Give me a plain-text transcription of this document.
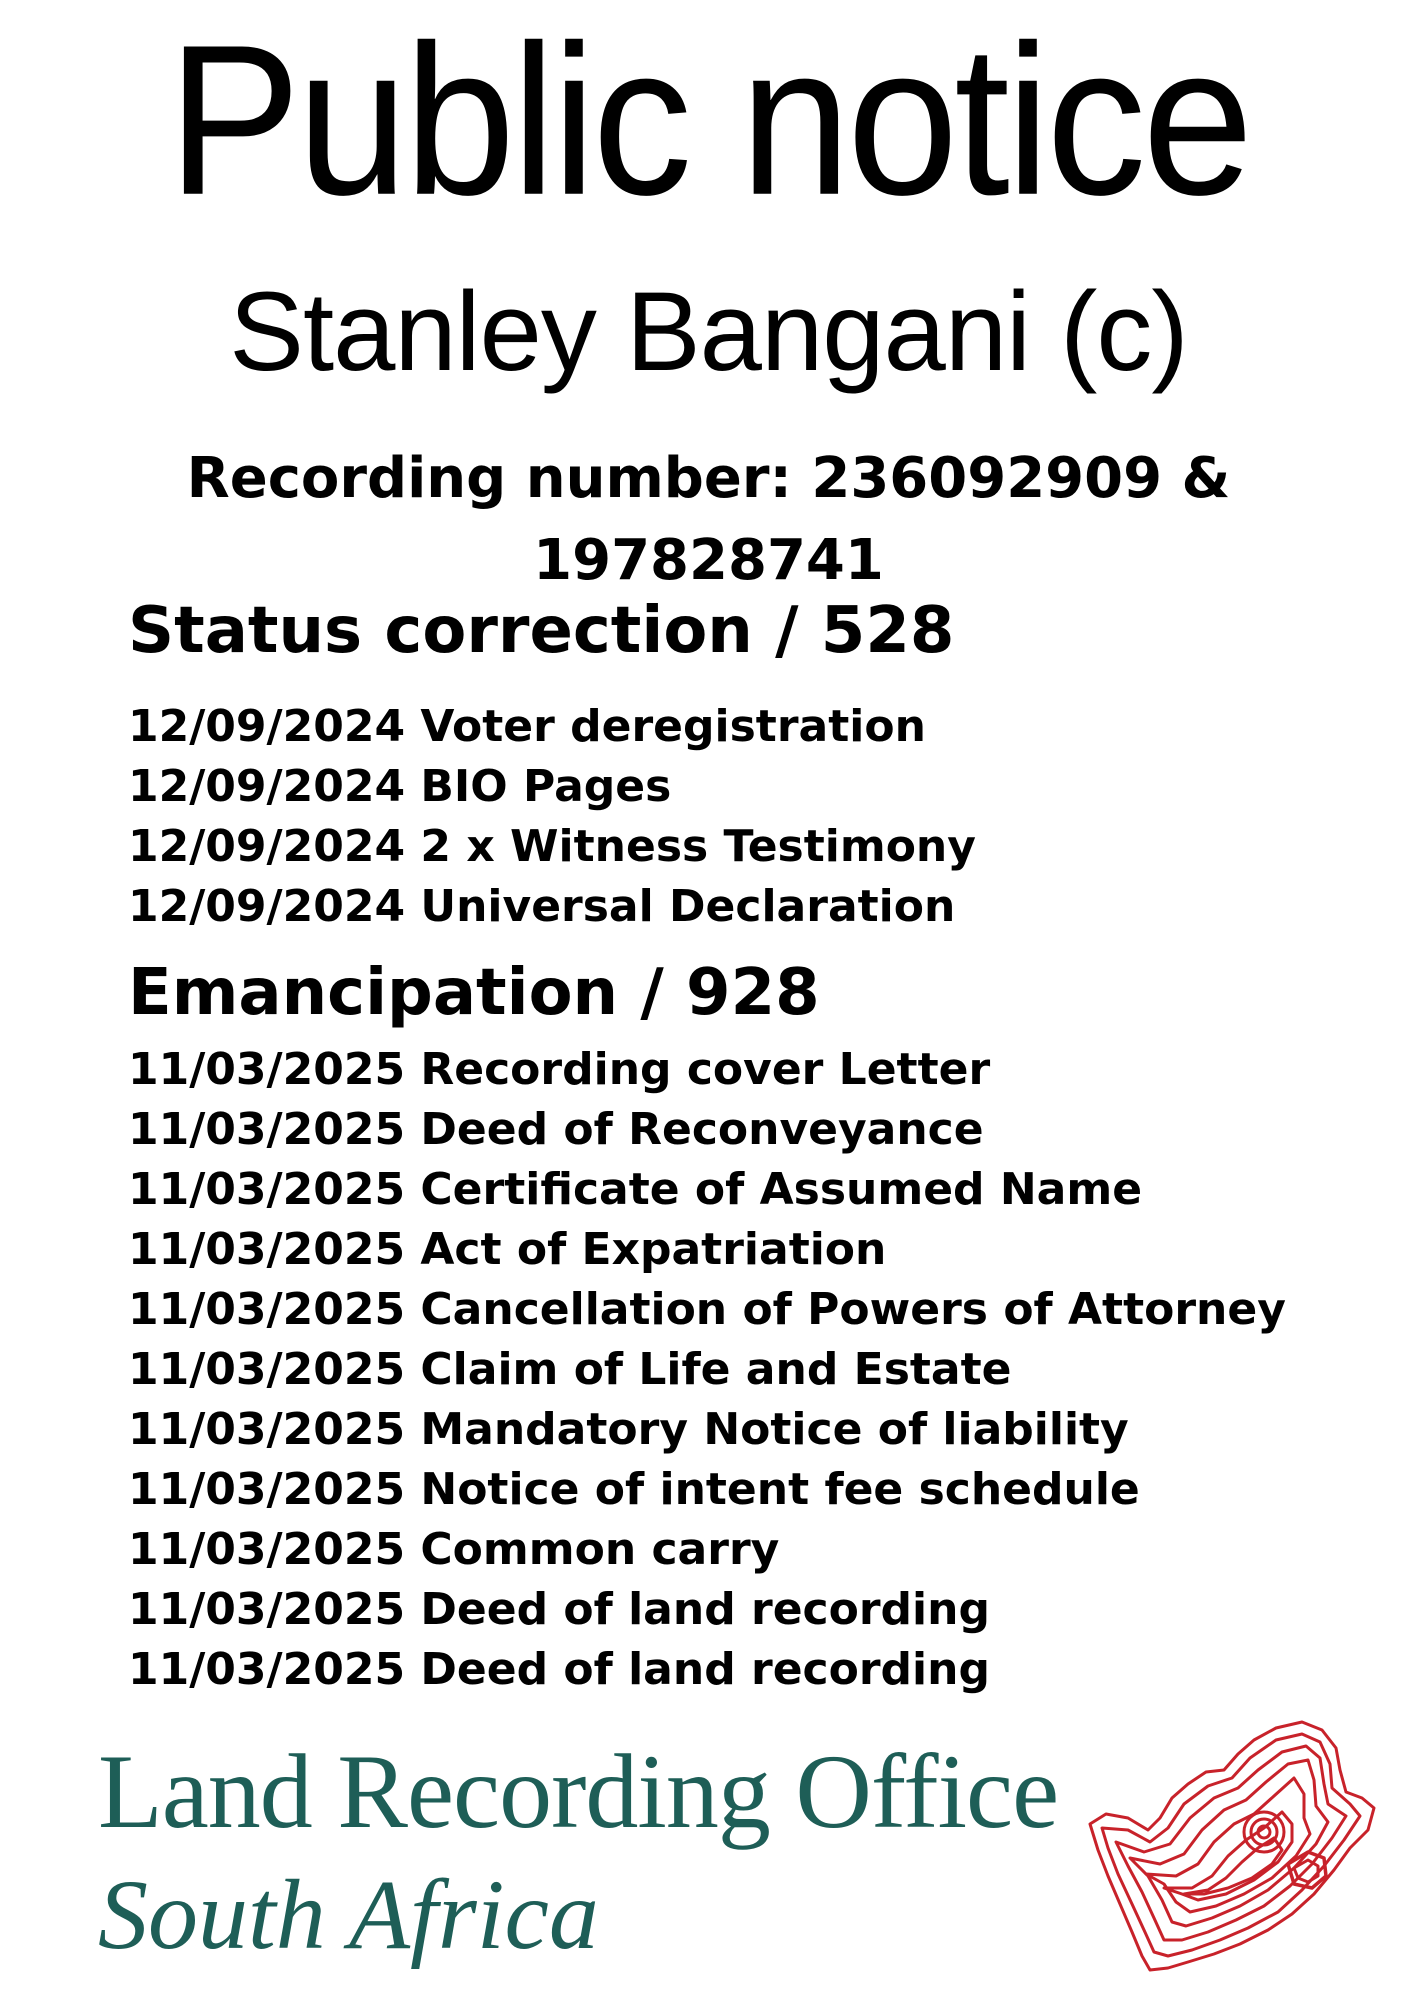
Public notice
Stanley Bangani (c)
Recording number: 236092909 & 197828741
Status correction / 528
12/09/2024 Voter deregistration
12/09/2024 BIO Pages
12/09/2024 2 x Witness Testimony
12/09/2024 Universal Declaration
Emancipation / 928
11/03/2025 Recording cover Letter
11/03/2025 Deed of Reconveyance
11/03/2025 Certificate of Assumed Name
11/03/2025 Act of Expatriation
11/03/2025 Cancellation of Powers of Attorney
11/03/2025 Claim of Life and Estate
11/03/2025 Mandatory Notice of liability
11/03/2025 Notice of intent fee schedule
11/03/2025 Common carry
11/03/2025 Deed of land recording
11/03/2025 Deed of land recording
Land Recording Office
South Africa
